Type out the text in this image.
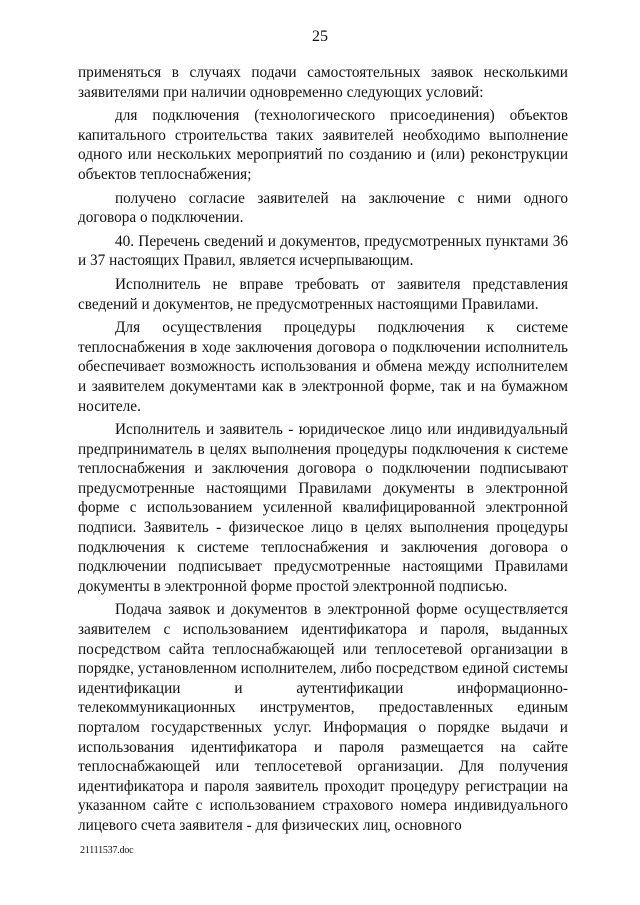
25

применяться в случаях подачи самостоятельных заявок несколькими заявителями при наличии одновременно следующих условий:

для подключения (технологического присоединения) объектов капитального строительства таких заявителей необходимо выполнение одного или нескольких мероприятий по созданию и (или) реконструкции объектов теплоснабжения;

получено согласие заявителей на заключение с ними одного договора о подключении.

40. Перечень сведений и документов, предусмотренных пунктами 36 и 37 настоящих Правил, является исчерпывающим.

Исполнитель не вправе требовать от заявителя представления сведений и документов, не предусмотренных настоящими Правилами.

Для осуществления процедуры подключения к системе теплоснабжения в ходе заключения договора о подключении исполнитель обеспечивает возможность использования и обмена между исполнителем и заявителем документами как в электронной форме, так и на бумажном носителе.

Исполнитель и заявитель - юридическое лицо или индивидуальный предприниматель в целях выполнения процедуры подключения к системе теплоснабжения и заключения договора о подключении подписывают предусмотренные настоящими Правилами документы в электронной форме с использованием усиленной квалифицированной электронной подписи. Заявитель - физическое лицо в целях выполнения процедуры подключения к системе теплоснабжения и заключения договора о подключении подписывает предусмотренные настоящими Правилами документы в электронной форме простой электронной подписью.

Подача заявок и документов в электронной форме осуществляется заявителем с использованием идентификатора и пароля, выданных посредством сайта теплоснабжающей или теплосетевой организации в порядке, установленном исполнителем, либо посредством единой системы идентификации и аутентификации информационно-телекоммуникационных инструментов, предоставленных единым порталом государственных услуг. Информация о порядке выдачи и использования идентификатора и пароля размещается на сайте теплоснабжающей или теплосетевой организации. Для получения идентификатора и пароля заявитель проходит процедуру регистрации на указанном сайте с использованием страхового номера индивидуального лицевого счета заявителя - для физических лиц, основного

21111537.doc
